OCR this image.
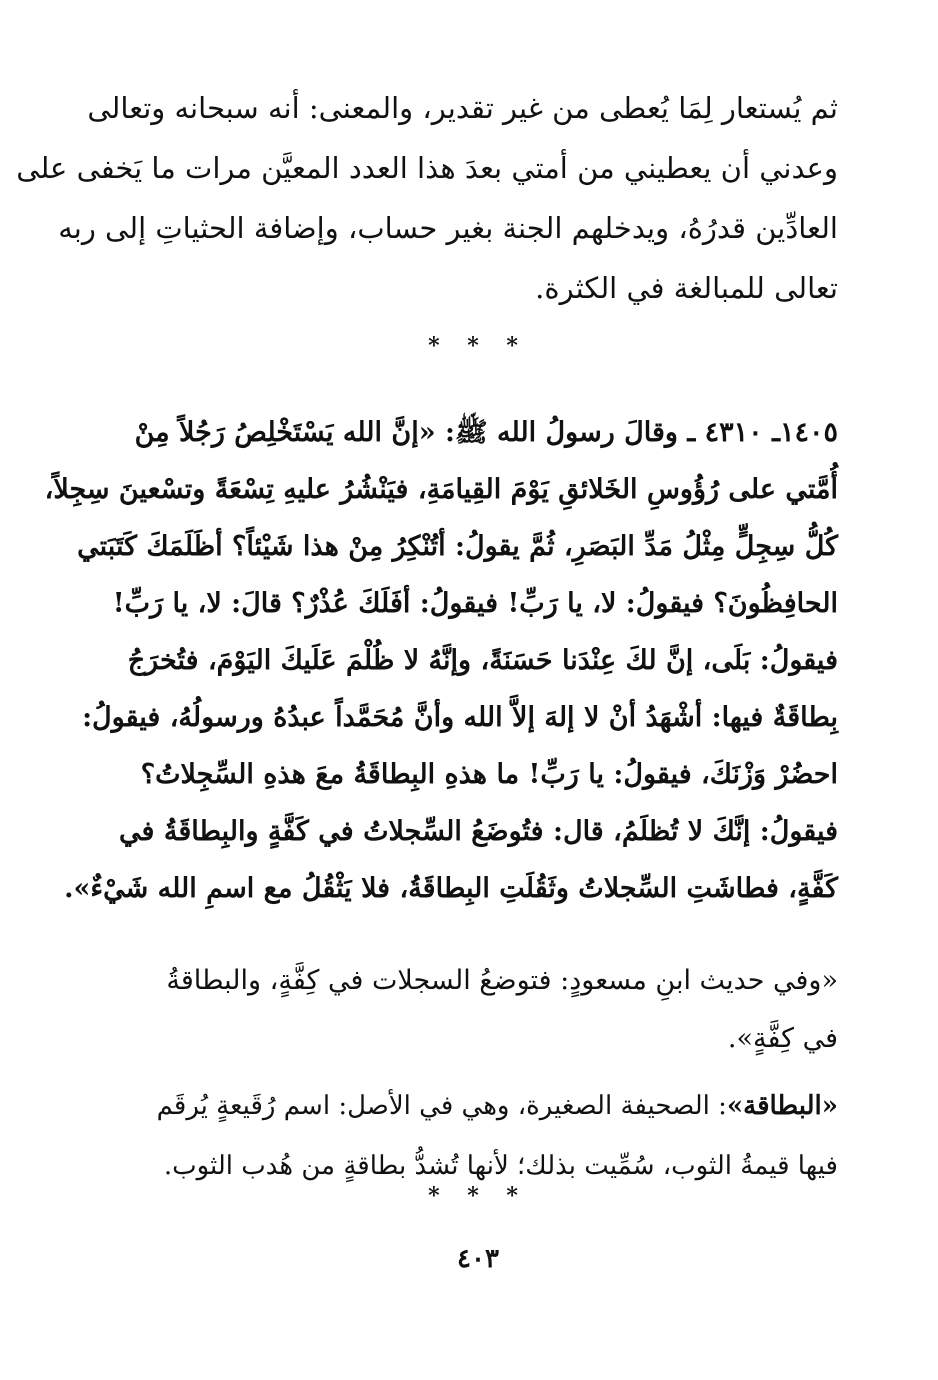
ثم يُستعار لِمَا يُعطى من غير تقدير، والمعنى: أنه سبحانه وتعالى
وعدني أن يعطيني من أمتي بعدَ هذا العدد المعيَّن مرات ما يَخفى على
العادِّين قدرُهُ، ويدخلهم الجنة بغير حساب، وإضافة الحثياتِ إلى ربه
تعالى للمبالغة في الكثرة.
* * *
١٤٠٥ـ ٤٣١٠ ـ وقالَ رسولُ الله ﷺ: «إنَّ الله يَسْتَخْلِصُ رَجُلاً مِنْ
أُمَّتي على رُؤُوسِ الخَلائقِ يَوْمَ القِيامَةِ، فيَنْشُرُ عليهِ تِسْعَةً وتسْعينَ سِجِلاً،
كُلُّ سِجِلٍّ مِثْلُ مَدِّ البَصَرِ، ثُمَّ يقولُ: أتُنْكِرُ مِنْ هذا شَيْئاً؟ أظَلَمَكَ كَتَبَتي
الحافِظُونَ؟ فيقولُ: لا، يا رَبِّ! فيقولُ: أفَلَكَ عُذْرٌ؟ قالَ: لا، يا رَبِّ!
فيقولُ: بَلَى، إنَّ لكَ عِنْدَنا حَسَنَةً، وإنَّهُ لا ظُلْمَ عَلَيكَ اليَوْمَ، فتُخرَجُ
بِطاقَةٌ فيها: أشْهَدُ أنْ لا إلهَ إلاَّ الله وأنَّ مُحَمَّداً عبدُهُ ورسولُهُ، فيقولُ:
احضُرْ وَزْنَكَ، فيقولُ: يا رَبِّ! ما هذهِ البِطاقَةُ معَ هذهِ السِّجِلاتُ؟
فيقولُ: إنَّكَ لا تُظلَمُ، قال: فتُوضَعُ السِّجلاتُ في كَفَّةٍ والبِطاقَةُ في
كَفَّةٍ، فطاشَتِ السِّجلاتُ وثَقُلَتِ البِطاقَةُ، فلا يَثْقُلُ مع اسمِ الله شَيْءٌ».
«وفي حديث ابنِ مسعودٍ: فتوضعُ السجلات في كِفَّةٍ، والبطاقةُ
في كِفَّةٍ».
«البطاقة»: الصحيفة الصغيرة، وهي في الأصل: اسم رُقَيعةٍ يُرقَم
فيها قيمةُ الثوب، سُمِّيت بذلك؛ لأنها تُشدُّ بطاقةٍ من هُدب الثوب.
* * *
٤٠٣
